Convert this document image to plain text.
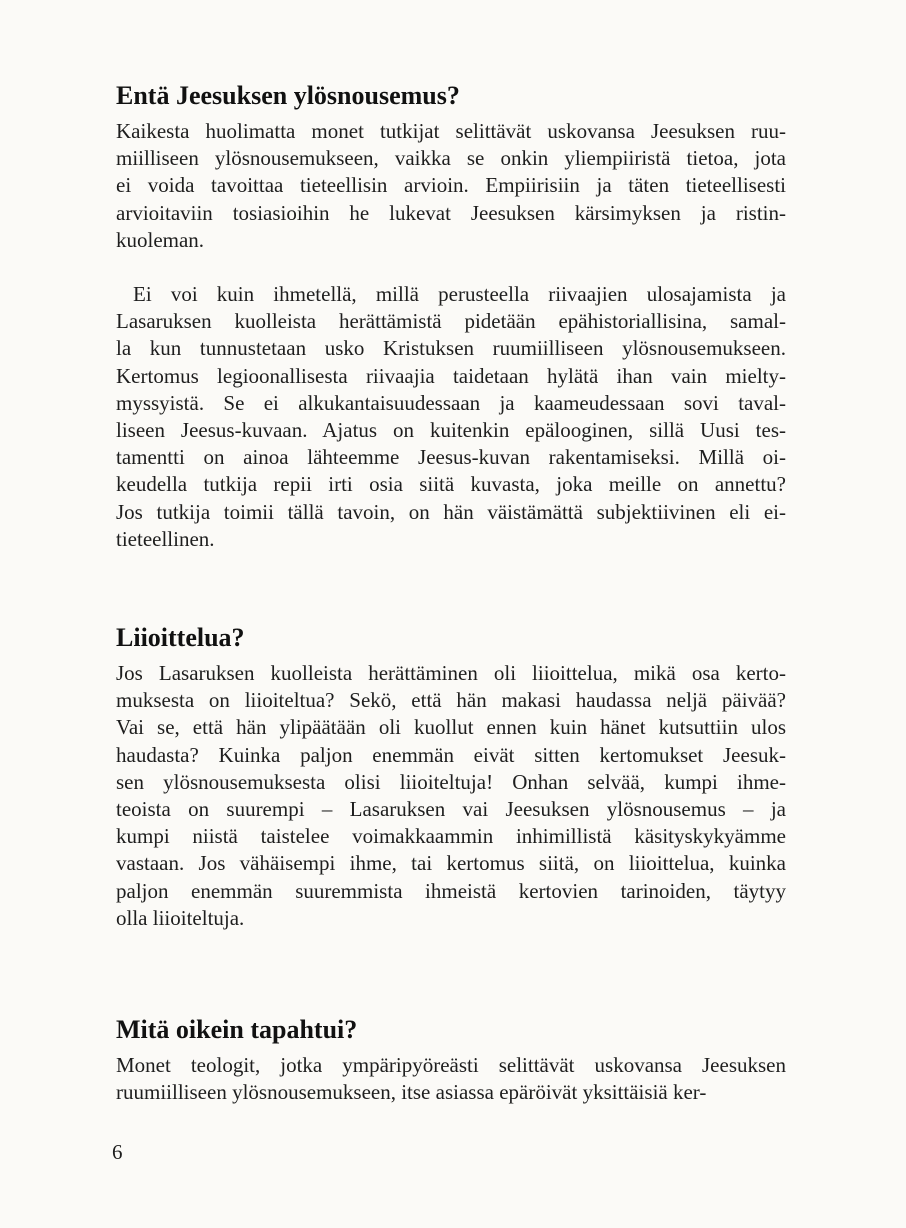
Entä Jeesuksen ylösnousemus?
Kaikesta huolimatta monet tutkijat selittävät uskovansa Jeesuksen ruu-
miilliseen ylösnousemukseen, vaikka se onkin yliempiiristä tietoa, jota
ei voida tavoittaa tieteellisin arvioin. Empiirisiin ja täten tieteellisesti
arvioitaviin tosiasioihin he lukevat Jeesuksen kärsimyksen ja ristin-
kuoleman.
Ei voi kuin ihmetellä, millä perusteella riivaajien ulosajamista ja
Lasaruksen kuolleista herättämistä pidetään epähistoriallisina, samal-
la kun tunnustetaan usko Kristuksen ruumiilliseen ylösnousemukseen.
Kertomus legioonallisesta riivaajia taidetaan hylätä ihan vain mielty-
myssyistä. Se ei alkukantaisuudessaan ja kaameudessaan sovi taval-
liseen Jeesus-kuvaan. Ajatus on kuitenkin epälooginen, sillä Uusi tes-
tamentti on ainoa lähteemme Jeesus-kuvan rakentamiseksi. Millä oi-
keudella tutkija repii irti osia siitä kuvasta, joka meille on annettu?
Jos tutkija toimii tällä tavoin, on hän väistämättä subjektiivinen eli ei-
tieteellinen.
Liioittelua?
Jos Lasaruksen kuolleista herättäminen oli liioittelua, mikä osa kerto-
muksesta on liioiteltua? Sekö, että hän makasi haudassa neljä päivää?
Vai se, että hän ylipäätään oli kuollut ennen kuin hänet kutsuttiin ulos
haudasta? Kuinka paljon enemmän eivät sitten kertomukset Jeesuk-
sen ylösnousemuksesta olisi liioiteltuja! Onhan selvää, kumpi ihme-
teoista on suurempi – Lasaruksen vai Jeesuksen ylösnousemus – ja
kumpi niistä taistelee voimakkaammin inhimillistä käsityskykyämme
vastaan. Jos vähäisempi ihme, tai kertomus siitä, on liioittelua, kuinka
paljon enemmän suuremmista ihmeistä kertovien tarinoiden, täytyy
olla liioiteltuja.
Mitä oikein tapahtui?
Monet teologit, jotka ympäripyöreästi selittävät uskovansa Jeesuksen
ruumiilliseen ylösnousemukseen, itse asiassa epäröivät yksittäisiä ker-
6
